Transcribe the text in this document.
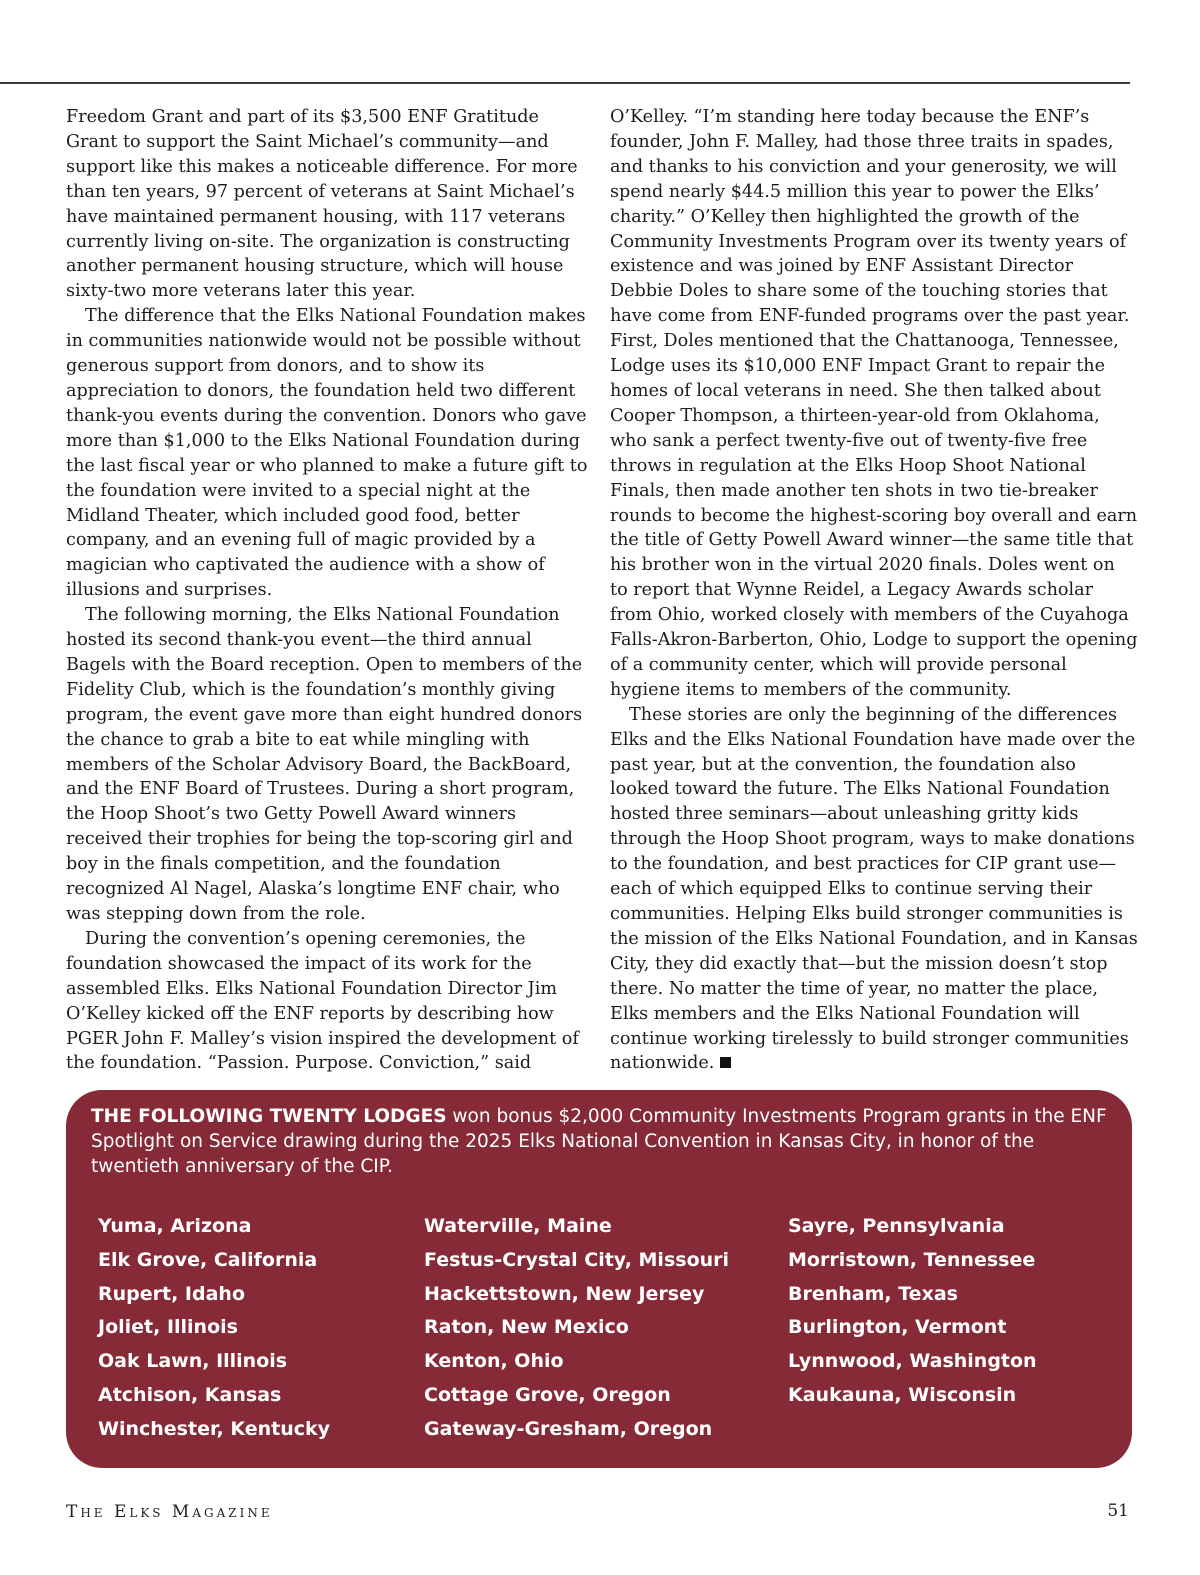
Freedom Grant and part of its $3,500 ENF Gratitude Grant to support the Saint Michael’s community—and support like this makes a noticeable difference. For more than ten years, 97 percent of veterans at Saint Michael’s have maintained permanent housing, with 117 veterans currently living on-site. The organization is constructing another permanent housing structure, which will house sixty-two more veterans later this year.

The difference that the Elks National Foundation makes in communities nationwide would not be possible without generous support from donors, and to show its appreciation to donors, the foundation held two different thank-you events during the convention. Donors who gave more than $1,000 to the Elks National Foundation during the last fiscal year or who planned to make a future gift to the foundation were invited to a special night at the Midland Theater, which included good food, better company, and an evening full of magic provided by a magician who captivated the audience with a show of illusions and surprises.

The following morning, the Elks National Foundation hosted its second thank-you event—the third annual Bagels with the Board reception. Open to members of the Fidelity Club, which is the foundation’s monthly giving program, the event gave more than eight hundred donors the chance to grab a bite to eat while mingling with members of the Scholar Advisory Board, the BackBoard, and the ENF Board of Trustees. During a short program, the Hoop Shoot’s two Getty Powell Award winners received their trophies for being the top-scoring girl and boy in the finals competition, and the foundation recognized Al Nagel, Alaska’s longtime ENF chair, who was stepping down from the role.

During the convention’s opening ceremonies, the foundation showcased the impact of its work for the assembled Elks. Elks National Foundation Director Jim O’Kelley kicked off the ENF reports by describing how PGER John F. Malley’s vision inspired the development of the foundation. “Passion. Purpose. Conviction,” said

O’Kelley. “I’m standing here today because the ENF’s founder, John F. Malley, had those three traits in spades, and thanks to his conviction and your generosity, we will spend nearly $44.5 million this year to power the Elks’ charity.” O’Kelley then highlighted the growth of the Community Investments Program over its twenty years of existence and was joined by ENF Assistant Director Debbie Doles to share some of the touching stories that have come from ENF-funded programs over the past year. First, Doles mentioned that the Chattanooga, Tennessee, Lodge uses its $10,000 ENF Impact Grant to repair the homes of local veterans in need. She then talked about Cooper Thompson, a thirteen-year-old from Oklahoma, who sank a perfect twenty-five out of twenty-five free throws in regulation at the Elks Hoop Shoot National Finals, then made another ten shots in two tie-breaker rounds to become the highest-scoring boy overall and earn the title of Getty Powell Award winner—the same title that his brother won in the virtual 2020 finals. Doles went on to report that Wynne Reidel, a Legacy Awards scholar from Ohio, worked closely with members of the Cuyahoga Falls-Akron-Barberton, Ohio, Lodge to support the opening of a community center, which will provide personal hygiene items to members of the community.

These stories are only the beginning of the differences Elks and the Elks National Foundation have made over the past year, but at the convention, the foundation also looked toward the future. The Elks National Foundation hosted three seminars—about unleashing gritty kids through the Hoop Shoot program, ways to make donations to the foundation, and best practices for CIP grant use—each of which equipped Elks to continue serving their communities. Helping Elks build stronger communities is the mission of the Elks National Foundation, and in Kansas City, they did exactly that—but the mission doesn’t stop there. No matter the time of year, no matter the place, Elks members and the Elks National Foundation will continue working tirelessly to build stronger communities nationwide.

THE FOLLOWING TWENTY LODGES won bonus $2,000 Community Investments Program grants in the ENF Spotlight on Service drawing during the 2025 Elks National Convention in Kansas City, in honor of the twentieth anniversary of the CIP.

Yuma, Arizona
Elk Grove, California
Rupert, Idaho
Joliet, Illinois
Oak Lawn, Illinois
Atchison, Kansas
Winchester, Kentucky
Waterville, Maine
Festus-Crystal City, Missouri
Hackettstown, New Jersey
Raton, New Mexico
Kenton, Ohio
Cottage Grove, Oregon
Gateway-Gresham, Oregon
Sayre, Pennsylvania
Morristown, Tennessee
Brenham, Texas
Burlington, Vermont
Lynnwood, Washington
Kaukauna, Wisconsin

The Elks Magazine	51
